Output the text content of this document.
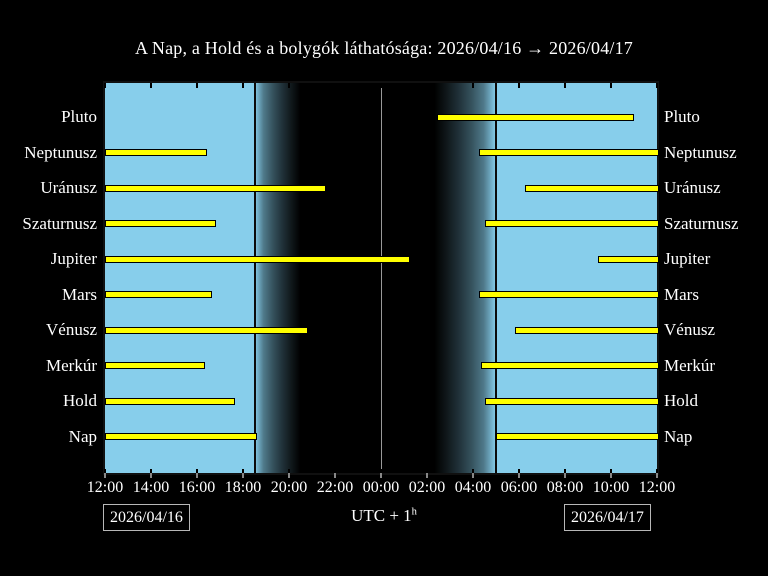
A Nap, a Hold és a bolygók láthatósága: 2026/04/16 → 2026/04/17
12:00 14:00 16:00 18:00 20:00 22:00 00:00 02:00 04:00 06:00 08:00 10:00 12:00
Pluto	Pluto
Neptunusz	Neptunusz
Uránusz	Uránusz
Szaturnusz	Szaturnusz
Jupiter	Jupiter
Mars	Mars
Vénusz	Vénusz
Merkúr	Merkúr
Hold	Hold
Nap	Nap
2026/04/16	UTC + $1^h$	2026/04/17
